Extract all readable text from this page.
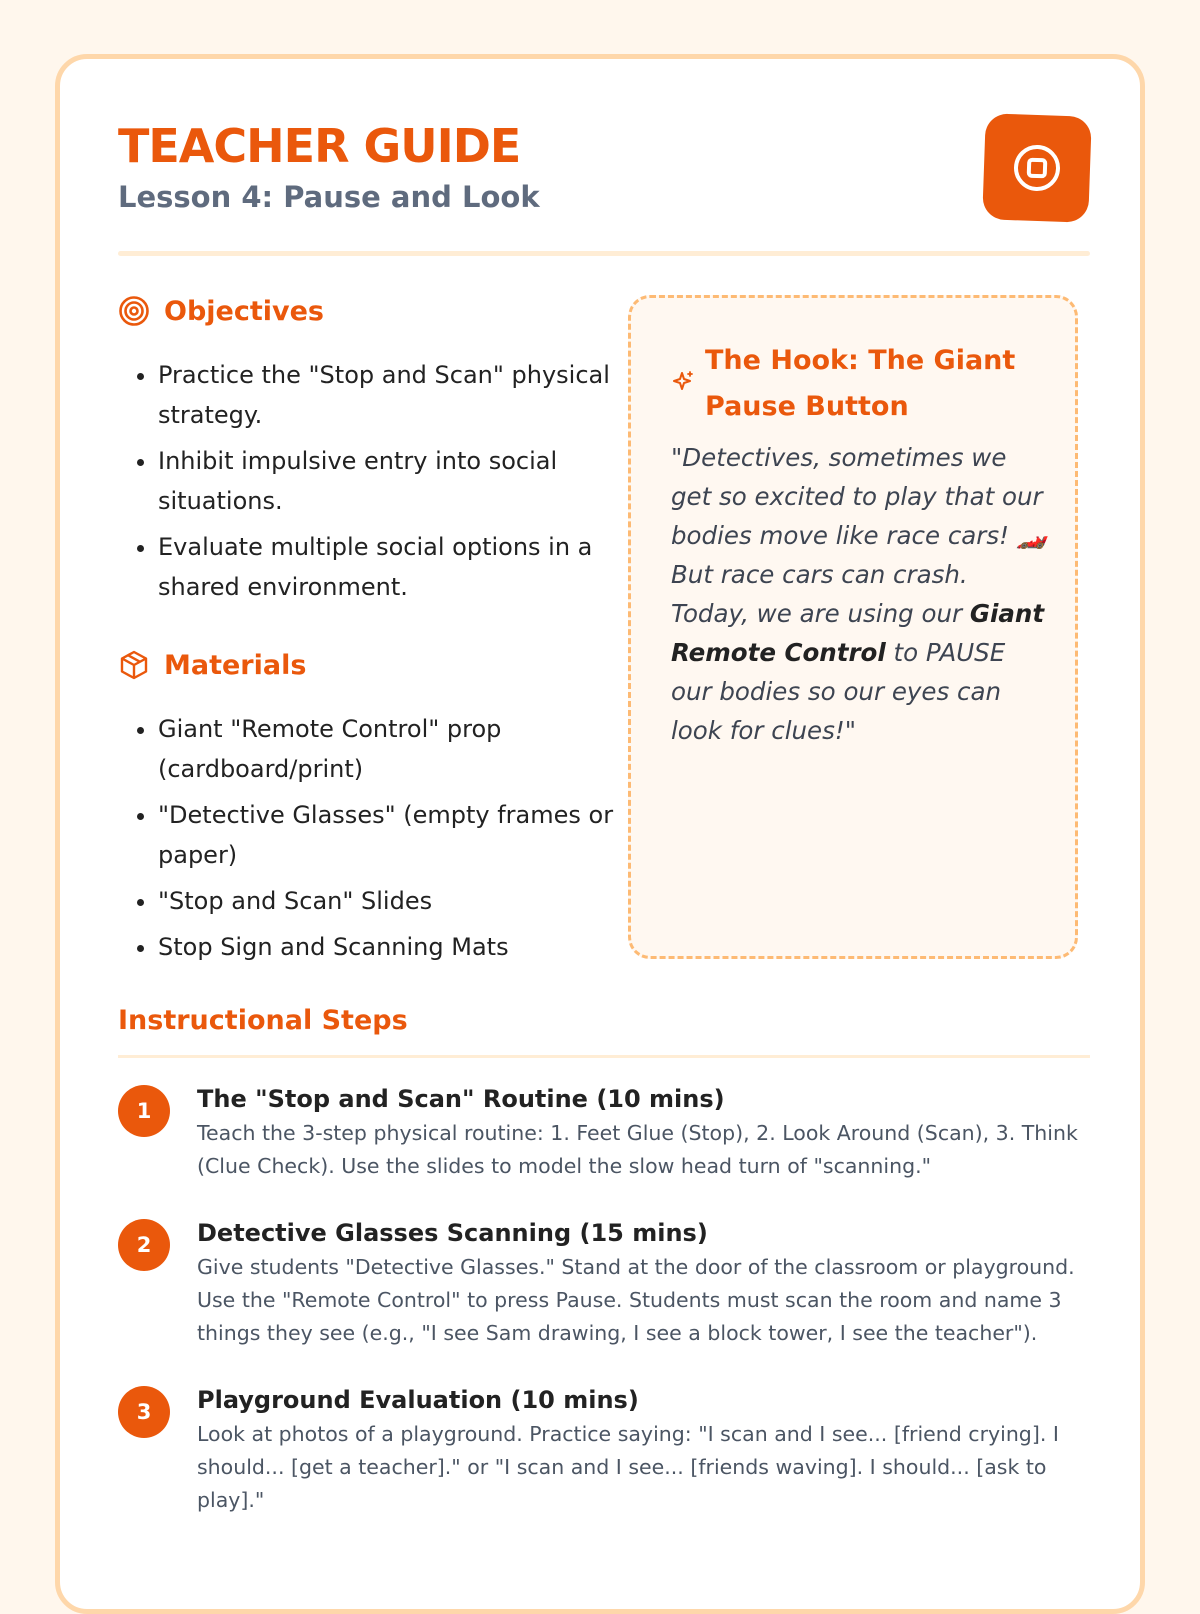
TEACHER GUIDE
Lesson 4: Pause and Look
Objectives
• Practice the "Stop and Scan" physical strategy.
• Inhibit impulsive entry into social situations.
• Evaluate multiple social options in a shared environment.
Materials
• Giant "Remote Control" prop (cardboard/print)
• "Detective Glasses" (empty frames or paper)
• "Stop and Scan" Slides
• Stop Sign and Scanning Mats
The Hook: The Giant Pause Button
"Detectives, sometimes we get so excited to play that our bodies move like race cars! 🏎️ But race cars can crash. Today, we are using our Giant Remote Control to PAUSE our bodies so our eyes can look for clues!"
Instructional Steps
1	The "Stop and Scan" Routine (10 mins)
Teach the 3-step physical routine: 1. Feet Glue (Stop), 2. Look Around (Scan), 3. Think (Clue Check). Use the slides to model the slow head turn of "scanning."
2	Detective Glasses Scanning (15 mins)
Give students "Detective Glasses." Stand at the door of the classroom or playground. Use the "Remote Control" to press Pause. Students must scan the room and name 3 things they see (e.g., "I see Sam drawing, I see a block tower, I see the teacher").
3	Playground Evaluation (10 mins)
Look at photos of a playground. Practice saying: "I scan and I see... [friend crying]. I should... [get a teacher]." or "I scan and I see... [friends waving]. I should... [ask to play]."
